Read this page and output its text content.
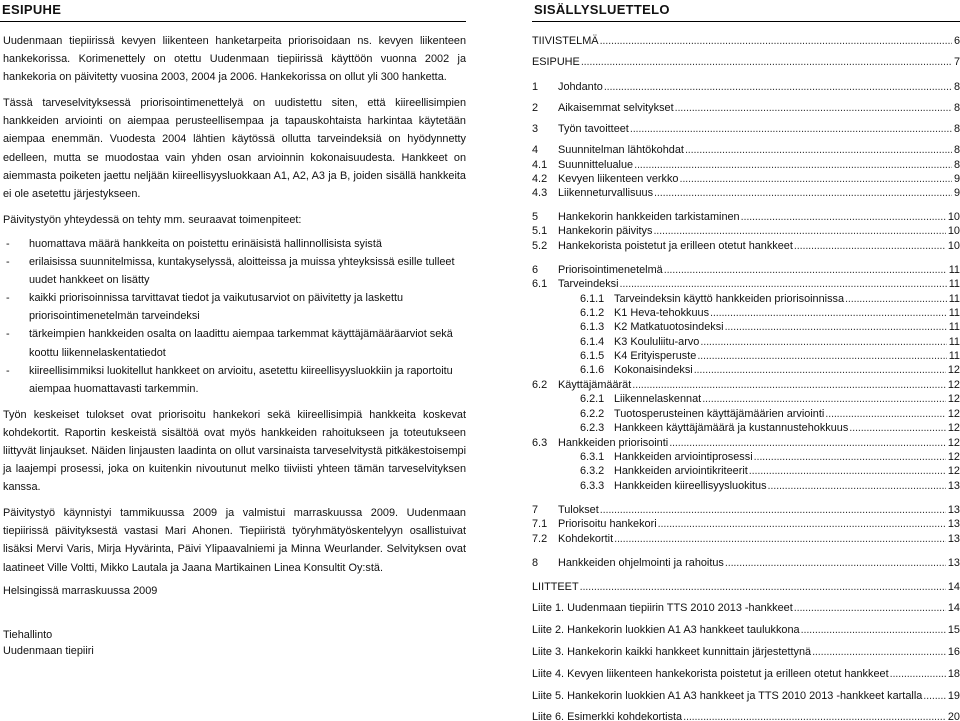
ESIPUHE

Uudenmaan tiepiirissä kevyen liikenteen hanketarpeita priorisoidaan ns. kevyen liikenteen hankekorissa. Korimenettely on otettu Uudenmaan tiepiirissä käyttöön vuonna 2002 ja hankekoria on päivitetty vuosina 2003, 2004 ja 2006. Hankekorissa on ollut yli 300 hanketta.

Tässä tarveselvityksessä priorisointimenettelyä on uudistettu siten, että kiireellisimpien hankkeiden arviointi on aiempaa perusteellisempaa ja tapauskohtaista harkintaa käytetään aiempaa enemmän. Vuodesta 2004 lähtien käytössä ollutta tarveindeksiä on hyödynnetty edelleen, mutta se muodostaa vain yhden osan arvioinnin kokonaisuudesta. Hankkeet on aiemmasta poiketen jaettu neljään kiireellisyysluokkaan A1, A2, A3 ja B, joiden sisällä hankkeita ei ole asetettu järjestykseen.

Päivitystyön yhteydessä on tehty mm. seuraavat toimenpiteet:

- huomattava määrä hankkeita on poistettu erinäisistä hallinnollisista syistä
- erilaisissa suunnitelmissa, kuntakyselyssä, aloitteissa ja muissa yhteyksissä esille tulleet uudet hankkeet on lisätty
- kaikki priorisoinnissa tarvittavat tiedot ja vaikutusarviot on päivitetty ja laskettu priorisointimenetelmän tarveindeksi
- tärkeimpien hankkeiden osalta on laadittu aiempaa tarkemmat käyttäjämääräarviot sekä koottu liikennelaskentatiedot
- kiireellisimmiksi luokitellut hankkeet on arvioitu, asetettu kiireellisyysluokkiin ja raportoitu aiempaa huomattavasti tarkemmin.

Työn keskeiset tulokset ovat priorisoitu hankekori sekä kiireellisimpiä hankkeita koskevat kohdekortit. Raportin keskeistä sisältöä ovat myös hankkeiden rahoitukseen ja toteutukseen liittyvät linjaukset. Näiden linjausten laadinta on ollut varsinaista tarveselvitystä pitkäkestoisempi ja laajempi prosessi, joka on kuitenkin nivoutunut melko tiiviisti yhteen tämän tarveselvityksen kanssa.

Päivitystyö käynnistyi tammikuussa 2009 ja valmistui marraskuussa 2009. Uudenmaan tiepiirissä päivityksestä vastasi Mari Ahonen. Tiepiiristä työryhmätyöskentelyyn osallistuivat lisäksi Mervi Varis, Mirja Hyvärinta, Päivi Ylipaavalniemi ja Minna Weurlander. Selvityksen ovat laatineet Ville Voltti, Mikko Lautala ja Jaana Martikainen Linea Konsultit Oy:stä.

Helsingissä marraskuussa 2009
Tiehallinto
Uudenmaan tiepiiri
SISÄLLYSLUETTELO
TIIVISTELMÄ . . .	6
ESIPUHE . . .	7
1	Johdanto . . .	8
2	Aikaisemmat selvitykset . . .	8
3	Työn tavoitteet . . .	8
4	Suunnitelman lähtökohdat . . .	8
4.1 Suunnittelualue . . .	8
4.2 Kevyen liikenteen verkko . . .	9
4.3 Liikenneturvallisuus . . .	9
5	Hankekorin hankkeiden tarkistaminen . . .	10
5.1 Hankekorin päivitys . . .	10
5.2 Hankekorista poistetut ja erilleen otetut hankkeet . . .	10
6	Priorisointimenetelmä . . .	11
6.1 Tarveindeksi . . .	11
6.1.1 Tarveindeksin käyttö hankkeiden priorisoinnissa . . .	11
6.1.2 K1 Heva-tehokkuus . . .	11
6.1.3 K2 Matkatuotosindeksi . . .	11
6.1.4 K3 Koululiitu-arvo . . .	11
6.1.5 K4 Erityisperuste . . .	11
6.1.6 Kokonaisindeksi . . .	12
6.2 Käyttäjämäärät . . .	12
6.2.1 Liikennelaskennat . . .	12
6.2.2 Tuotosperusteinen käyttäjämäärien arviointi . . .	12
6.2.3 Hankkeen käyttäjämäärä ja kustannustehokkuus . . .	12
6.3 Hankkeiden priorisointi . . .	12
6.3.1 Hankkeiden arviointiprosessi . . .	12
6.3.2 Hankkeiden arviointikriteerit . . .	12
6.3.3 Hankkeiden kiireellisyysluokitus . . .	13
7	Tulokset . . .	13
7.1 Priorisoitu hankekori . . .	13
7.2 Kohdekortit . . .	13
8	Hankkeiden ohjelmointi ja rahoitus . . .	13
LIITTEET . . .	14
Liite 1. Uudenmaan tiepiirin TTS 2010 2013 -hankkeet . . .	14
Liite 2. Hankekorin luokkien A1 A3 hankkeet taulukkona . . .	15
Liite 3. Hankekorin kaikki hankkeet kunnittain järjestettynä . . .	16
Liite 4. Kevyen liikenteen hankekorista poistetut ja erilleen otetut hankkeet . . .	18
Liite 5. Hankekorin luokkien A1 A3 hankkeet ja TTS 2010 2013 -hankkeet kartalla . . . 19
Liite 6. Esimerkki kohdekortista . . .	20
